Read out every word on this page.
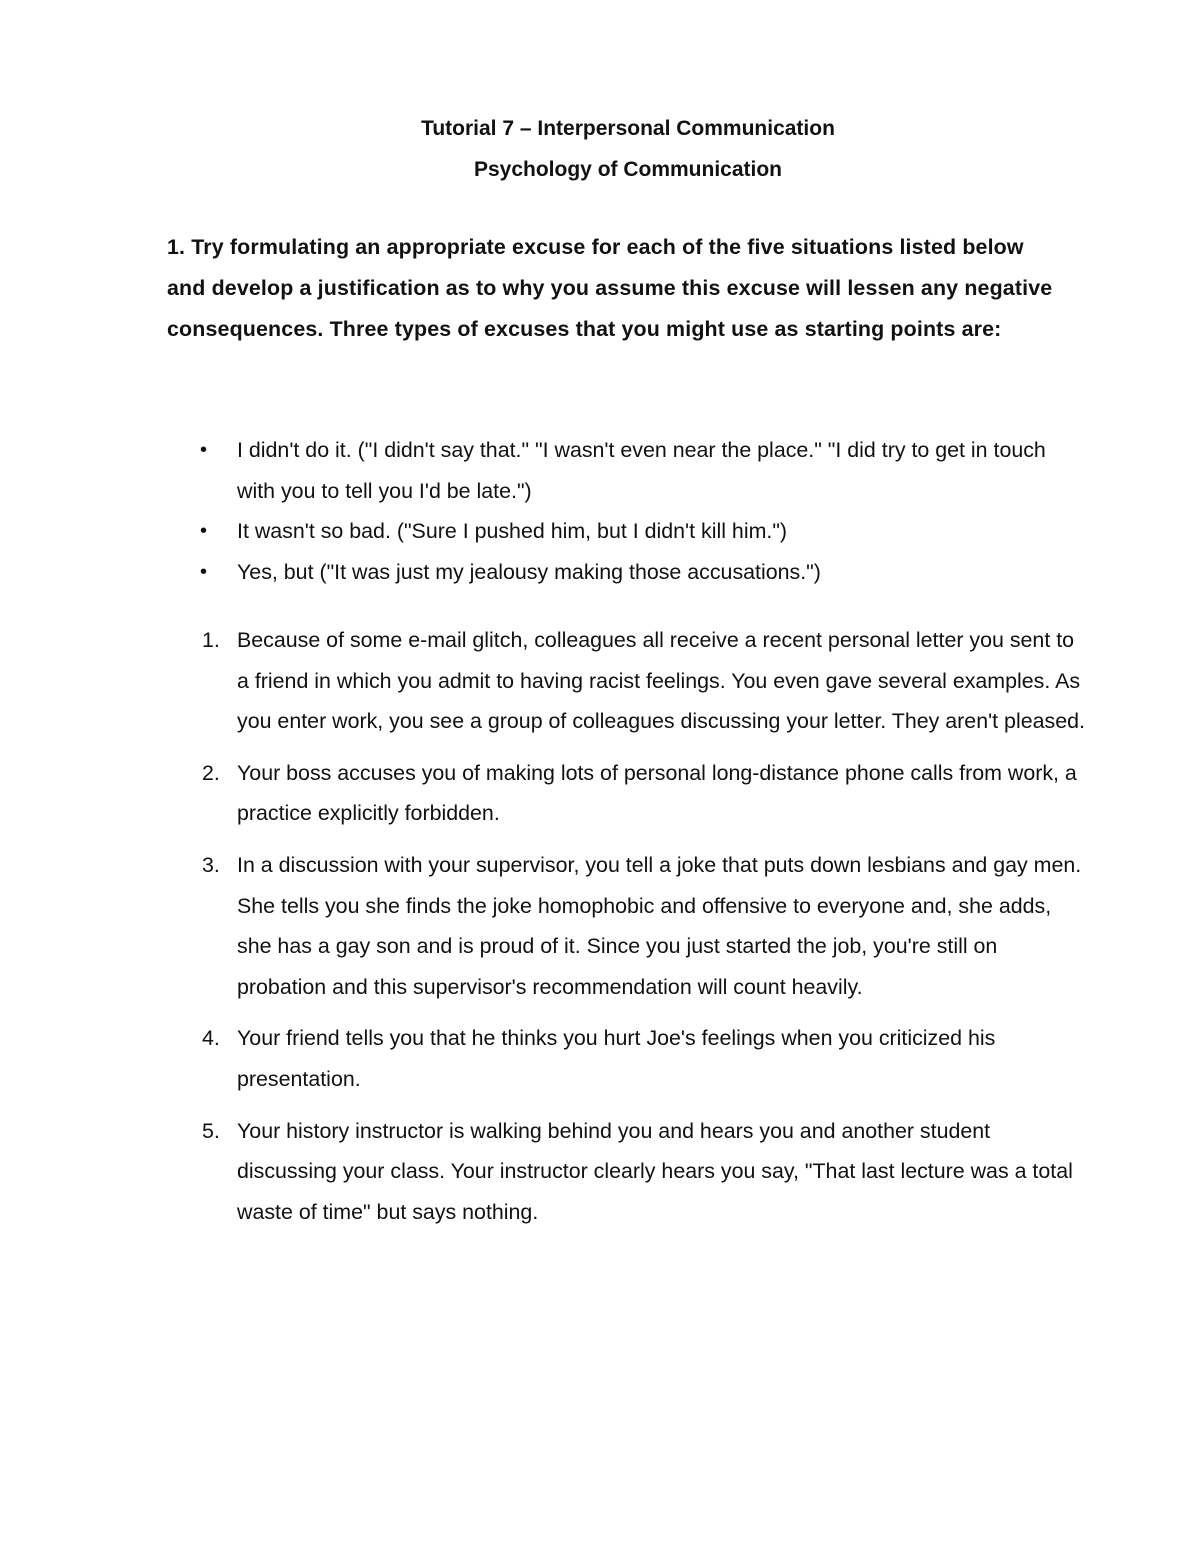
Tutorial 7 – Interpersonal Communication

Psychology of Communication

1. Try formulating an appropriate excuse for each of the five situations listed below and develop a justification as to why you assume this excuse will lessen any negative consequences. Three types of excuses that you might use as starting points are:

•	I didn't do it. ("I didn't say that." "I wasn't even near the place." "I did try to get in touch with you to tell you I'd be late.")
•	It wasn't so bad. ("Sure I pushed him, but I didn't kill him.")
•	Yes, but ("It was just my jealousy making those accusations.")
1. Because of some e-mail glitch, colleagues all receive a recent personal letter you sent to a friend in which you admit to having racist feelings. You even gave several examples. As you enter work, you see a group of colleagues discussing your letter. They aren't pleased.
2. Your boss accuses you of making lots of personal long-distance phone calls from work, a practice explicitly forbidden.
3. In a discussion with your supervisor, you tell a joke that puts down lesbians and gay men. She tells you she finds the joke homophobic and offensive to everyone and, she adds, she has a gay son and is proud of it. Since you just started the job, you're still on probation and this supervisor's recommendation will count heavily.
4. Your friend tells you that he thinks you hurt Joe's feelings when you criticized his presentation.
5. Your history instructor is walking behind you and hears you and another student discussing your class. Your instructor clearly hears you say, "That last lecture was a total waste of time" but says nothing.
